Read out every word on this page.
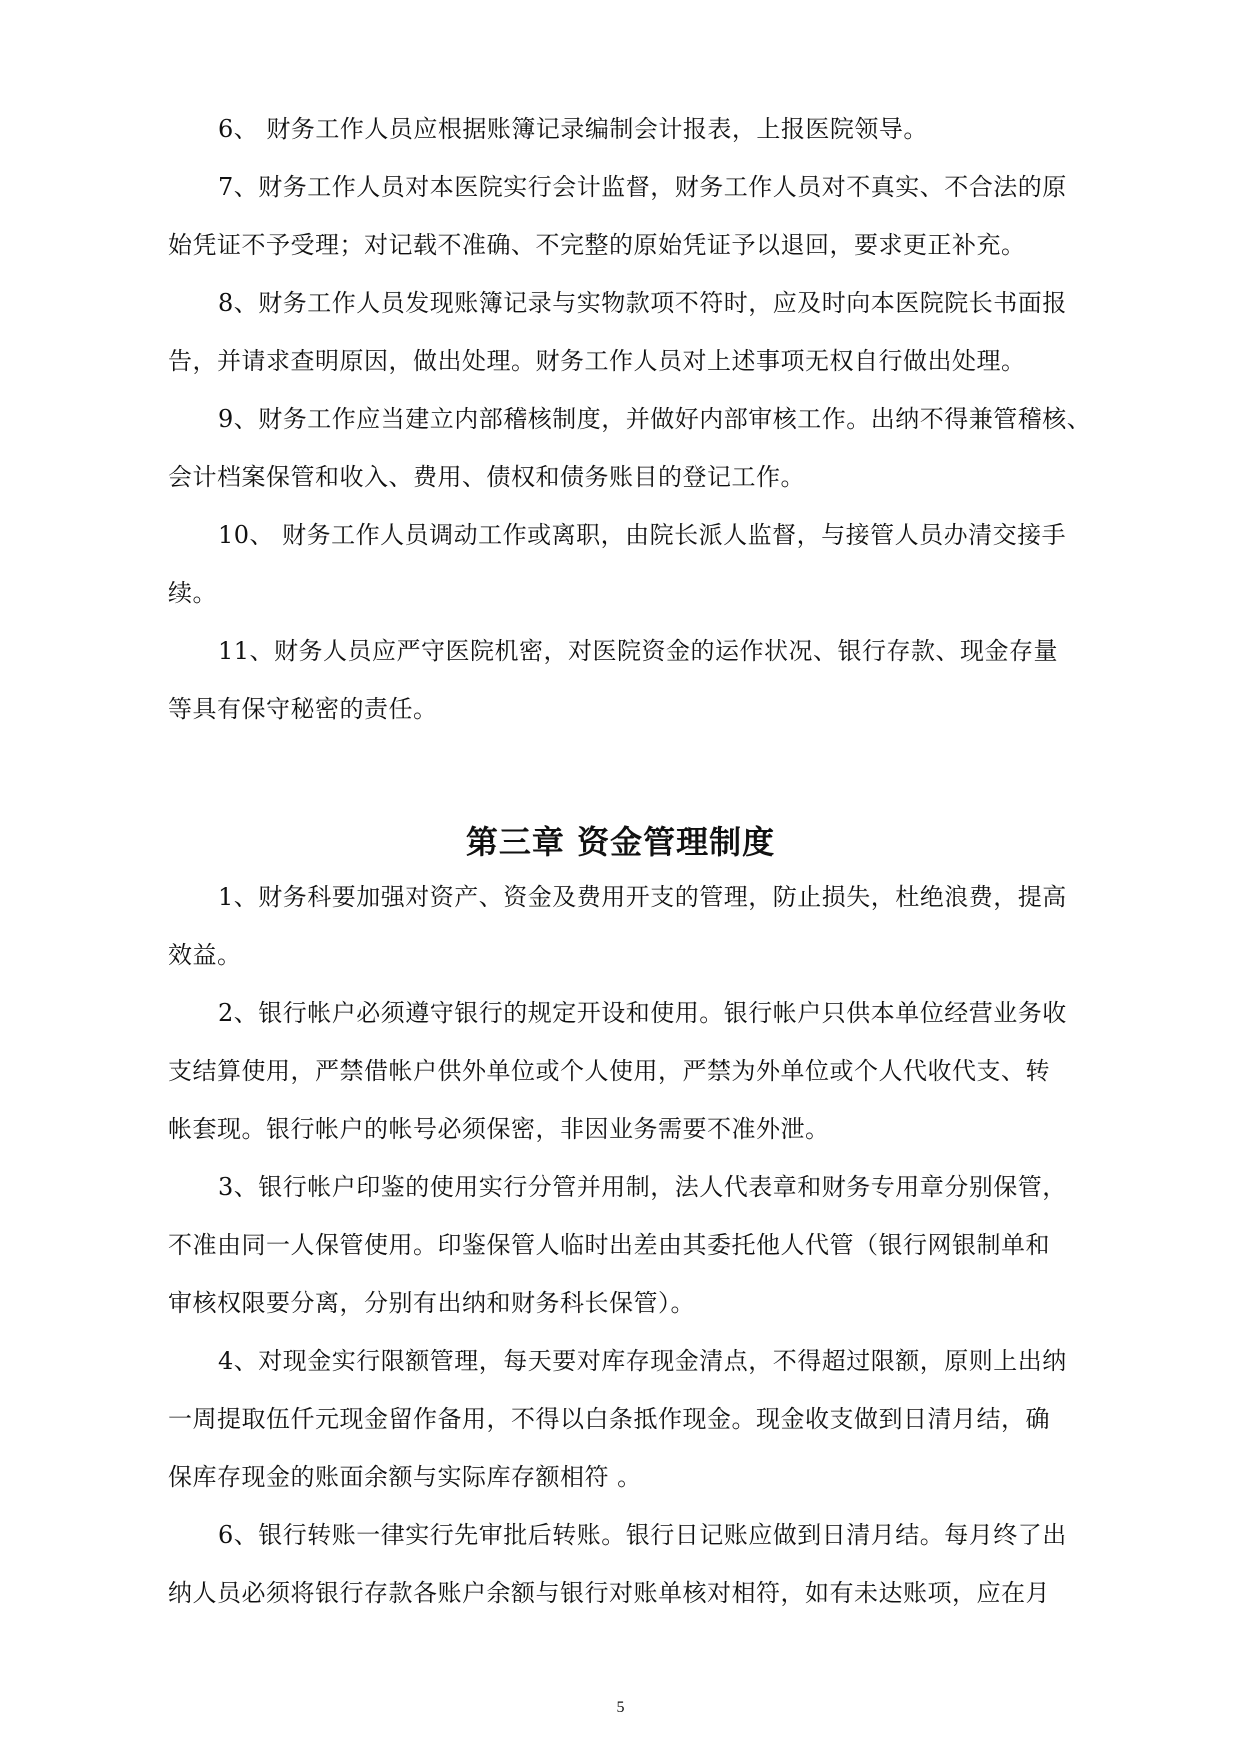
6、 财务工作人员应根据账簿记录编制会计报表，上报医院领导。
7、财务工作人员对本医院实行会计监督，财务工作人员对不真实、不合法的原
始凭证不予受理；对记载不准确、不完整的原始凭证予以退回，要求更正补充。
8、财务工作人员发现账簿记录与实物款项不符时，应及时向本医院院长书面报
告，并请求查明原因，做出处理。财务工作人员对上述事项无权自行做出处理。
9、财务工作应当建立内部稽核制度，并做好内部审核工作。出纳不得兼管稽核、
会计档案保管和收入、费用、债权和债务账目的登记工作。
10、 财务工作人员调动工作或离职，由院长派人监督，与接管人员办清交接手
续。
11、财务人员应严守医院机密，对医院资金的运作状况、银行存款、现金存量
等具有保守秘密的责任。
第三章 资金管理制度
1、财务科要加强对资产、资金及费用开支的管理，防止损失，杜绝浪费，提高
效益。
2、银行帐户必须遵守银行的规定开设和使用。银行帐户只供本单位经营业务收
支结算使用，严禁借帐户供外单位或个人使用，严禁为外单位或个人代收代支、转
帐套现。银行帐户的帐号必须保密，非因业务需要不准外泄。
3、银行帐户印鉴的使用实行分管并用制，法人代表章和财务专用章分别保管，
不准由同一人保管使用。印鉴保管人临时出差由其委托他人代管（银行网银制单和
审核权限要分离，分别有出纳和财务科长保管）。
4、对现金实行限额管理，每天要对库存现金清点，不得超过限额，原则上出纳
一周提取伍仟元现金留作备用，不得以白条抵作现金。现金收支做到日清月结，确
保库存现金的账面余额与实际库存额相符 。
6、银行转账一律实行先审批后转账。银行日记账应做到日清月结。每月终了出
纳人员必须将银行存款各账户余额与银行对账单核对相符，如有未达账项，应在月
5
